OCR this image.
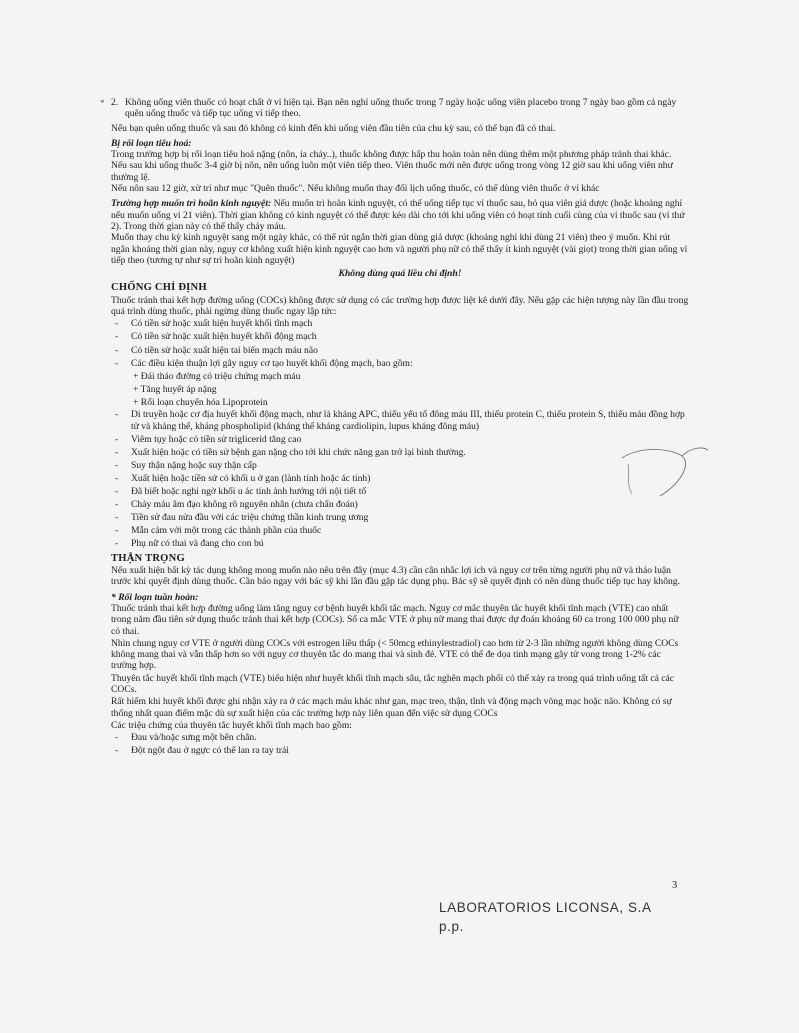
* 2. Không uống viên thuốc có hoạt chất ở vỉ hiện tại. Bạn nên nghỉ uống thuốc trong 7 ngày hoặc uống viên placebo trong 7 ngày bao gồm cả ngày quên uống thuốc và tiếp tục uống vỉ tiếp theo.

Nếu bạn quên uống thuốc và sau đó không có kinh đến khi uống viên đầu tiên của chu kỳ sau, có thể bạn đã có thai.

Bị rối loạn tiêu hoá:

Trong trường hợp bị rối loạn tiêu hoá nặng (nôn, ỉa chảy..), thuốc không được hấp thu hoàn toàn nên dùng thêm một phương pháp tránh thai khác. Nếu sau khi uống thuốc 3-4 giờ bị nôn, nên uống luôn một viên tiếp theo. Viên thuốc mới nên được uống trong vòng 12 giờ sau khi uống viên như thường lệ.

Nếu nôn sau 12 giờ, xử trí như mục "Quên thuốc". Nếu không muốn thay đổi lịch uống thuốc, có thể dùng viên thuốc ở vỉ khác

Trường hợp muốn trì hoãn kinh nguyệt: Nếu muốn trì hoãn kinh nguyệt, có thể uống tiếp tục vỉ thuốc sau, bỏ qua viên giả dược (hoặc khoảng nghỉ nếu muốn uống vỉ 21 viên). Thời gian không có kinh nguyệt có thể được kéo dài cho tới khi uống viên có hoạt tính cuối cùng của vỉ thuốc sau (vỉ thứ 2). Trong thời gian này có thể thấy chảy máu.

Muốn thay chu kỳ kinh nguyệt sang một ngày khác, có thể rút ngắn thời gian dùng giả dược (khoảng nghỉ khi dùng 21 viên) theo ý muốn. Khi rút ngắn khoảng thời gian này, nguy cơ không xuất hiện kinh nguyệt cao hơn và người phụ nữ có thể thấy ít kinh nguyệt (vài giọt) trong thời gian uống vỉ tiếp theo (tương tự như sự trì hoãn kinh nguyệt)

Không dùng quá liều chỉ định!
CHỐNG CHỈ ĐỊNH

Thuốc tránh thai kết hợp đường uống (COCs) không được sử dụng có các trường hợp được liệt kê dưới đây. Nếu gặp các hiện tượng này lần đầu trong quá trình dùng thuốc, phải ngừng dùng thuốc ngay lập tức:

-	Có tiền sử hoặc xuất hiện huyết khối tĩnh mạch
-	Có tiền sử hoặc xuất hiện huyết khối động mạch
-	Có tiền sử hoặc xuất hiện tai biến mạch máu não
-	Các điều kiện thuận lợi gây nguy cơ tạo huyết khối động mạch, bao gồm:
+ Đái tháo đường có triệu chứng mạch máu
+ Tăng huyết áp nặng
+ Rối loạn chuyển hóa Lipoprotein
-	Di truyền hoặc cơ địa huyết khối động mạch, như là kháng APC, thiếu yếu tố đông máu III, thiếu protein C, thiếu protein S, thiếu máu đồng hợp tử và kháng thể, kháng phospholipid (kháng thể kháng cardiolipin, lupus kháng đông máu)
-	Viêm tụy hoặc có tiền sử triglicerid tăng cao
-	Xuất hiện hoặc có tiền sử bệnh gan nặng cho tới khi chức năng gan trở lại bình thường.
-	Suy thận nặng hoặc suy thận cấp
-	Xuất hiện hoặc tiền sử có khối u ở gan (lành tính hoặc ác tính)
-	Đã biết hoặc nghi ngờ khối u ác tính ảnh hưởng tới nội tiết tố
-	Chảy máu âm đạo không rõ nguyên nhân (chưa chẩn đoán)
-	Tiền sử đau nửa đầu với các triệu chứng thần kinh trung ương
-	Mẫn cảm với một trong các thành phần của thuốc
-	Phụ nữ có thai và đang cho con bú
THẬN TRỌNG

Nếu xuất hiện bất kỳ tác dụng không mong muốn nào nêu trên đây (mục 4.3) cần cân nhắc lợi ích và nguy cơ trên từng người phụ nữ và thảo luận trước khi quyết định dùng thuốc. Cần báo ngay với bác sỹ khi lần đầu gặp tác dụng phụ. Bác sỹ sẽ quyết định có nên dùng thuốc tiếp tục hay không.

* Rối loạn tuần hoàn:

Thuốc tránh thai kết hợp đường uống làm tăng nguy cơ bệnh huyết khối tắc mạch. Nguy cơ mắc thuyên tắc huyết khối tĩnh mạch (VTE) cao nhất trong năm đầu tiên sử dụng thuốc tránh thai kết hợp (COCs). Số ca mắc VTE ở phụ nữ mang thai được dự đoán khoảng 60 ca trong 100 000 phụ nữ có thai.

Nhìn chung nguy cơ VTE ở người dùng COCs với estrogen liều thấp (< 50mcg ethinylestradiol) cao hơn từ 2-3 lần những người không dùng COCs không mang thai và vẫn thấp hơn so với nguy cơ thuyên tắc do mang thai và sinh đẻ. VTE có thể đe dọa tính mạng gây tử vong trong 1-2% các trường hợp.

Thuyên tắc huyết khối tĩnh mạch (VTE) biểu hiện như huyết khối tĩnh mạch sâu, tắc nghẽn mạch phổi có thể xảy ra trong quá trình uống tất cả các COCs.

Rất hiếm khi huyết khối được ghi nhận xảy ra ở các mạch máu khác như gan, mạc treo, thận, tĩnh và động mạch võng mạc hoặc não. Không có sự thống nhất quan điểm mặc dù sự xuất hiện của các trường hợp này liên quan đến việc sử dụng COCs

Các triệu chứng của thuyên tắc huyết khối tĩnh mạch bao gồm:

-	Đau và/hoặc sưng một bên chân.
-	Đột ngột đau ở ngực có thể lan ra tay trái
3
LABORATORIOS LICONSA, S.A
p.p.
